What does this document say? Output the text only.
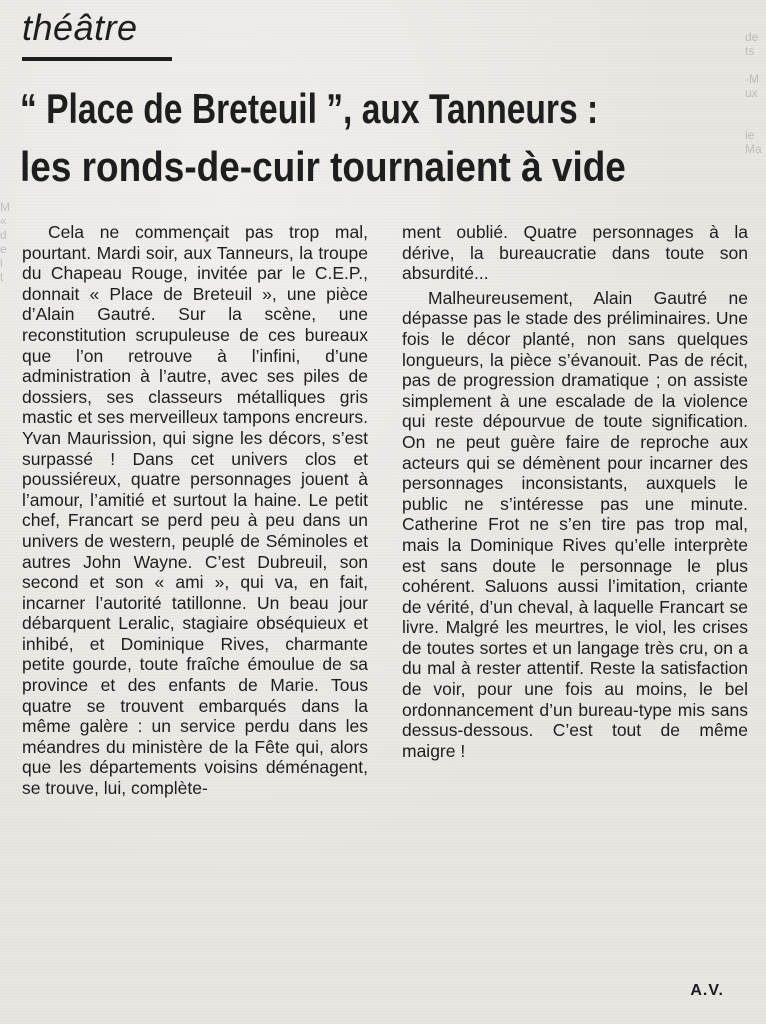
de
ts

-M
ux

ie
Ma
M
«
d
e
l
t
théâtre
“ Place de Breteuil ”, aux Tanneurs :
les ronds-de-cuir tournaient à vide

Cela ne commençait pas trop mal, pourtant. Mardi soir, aux Tanneurs, la troupe du Chapeau Rouge, invitée par le C.E.P., donnait « Place de Breteuil », une pièce d’Alain Gautré. Sur la scène, une reconstitution scrupuleuse de ces bureaux que l’on retrouve à l’infini, d’une administration à l’autre, avec ses piles de dossiers, ses classeurs métalliques gris mastic et ses merveilleux tampons encreurs. Yvan Maurission, qui signe les décors, s’est surpassé ! Dans cet univers clos et poussiéreux, quatre personnages jouent à l’amour, l’amitié et surtout la haine. Le petit chef, Francart se perd peu à peu dans un univers de western, peuplé de Séminoles et autres John Wayne. C’est Dubreuil, son second et son « ami », qui va, en fait, incarner l’autorité tatillonne. Un beau jour débarquent Leralic, stagiaire obséquieux et inhibé, et Dominique Rives, charmante petite gourde, toute fraîche émoulue de sa province et des enfants de Marie. Tous quatre se trouvent embarqués dans la même galère : un service perdu dans les méandres du ministère de la Fête qui, alors que les départements voisins déménagent, se trouve, lui, complète-

ment oublié. Quatre personnages à la dérive, la bureaucratie dans toute son absurdité...

Malheureusement, Alain Gautré ne dépasse pas le stade des préliminaires. Une fois le décor planté, non sans quelques longueurs, la pièce s’évanouit. Pas de récit, pas de progression dramatique ; on assiste simplement à une escalade de la violence qui reste dépourvue de toute signification. On ne peut guère faire de reproche aux acteurs qui se démènent pour incarner des personnages inconsistants, auxquels le public ne s’intéresse pas une minute. Catherine Frot ne s’en tire pas trop mal, mais la Dominique Rives qu’elle interprète est sans doute le personnage le plus cohérent. Saluons aussi l’imitation, criante de vérité, d’un cheval, à laquelle Francart se livre. Malgré les meurtres, le viol, les crises de toutes sortes et un langage très cru, on a du mal à rester attentif. Reste la satisfaction de voir, pour une fois au moins, le bel ordonnancement d’un bureau-type mis sans dessus-dessous. C’est tout de même maigre !

A.V.
